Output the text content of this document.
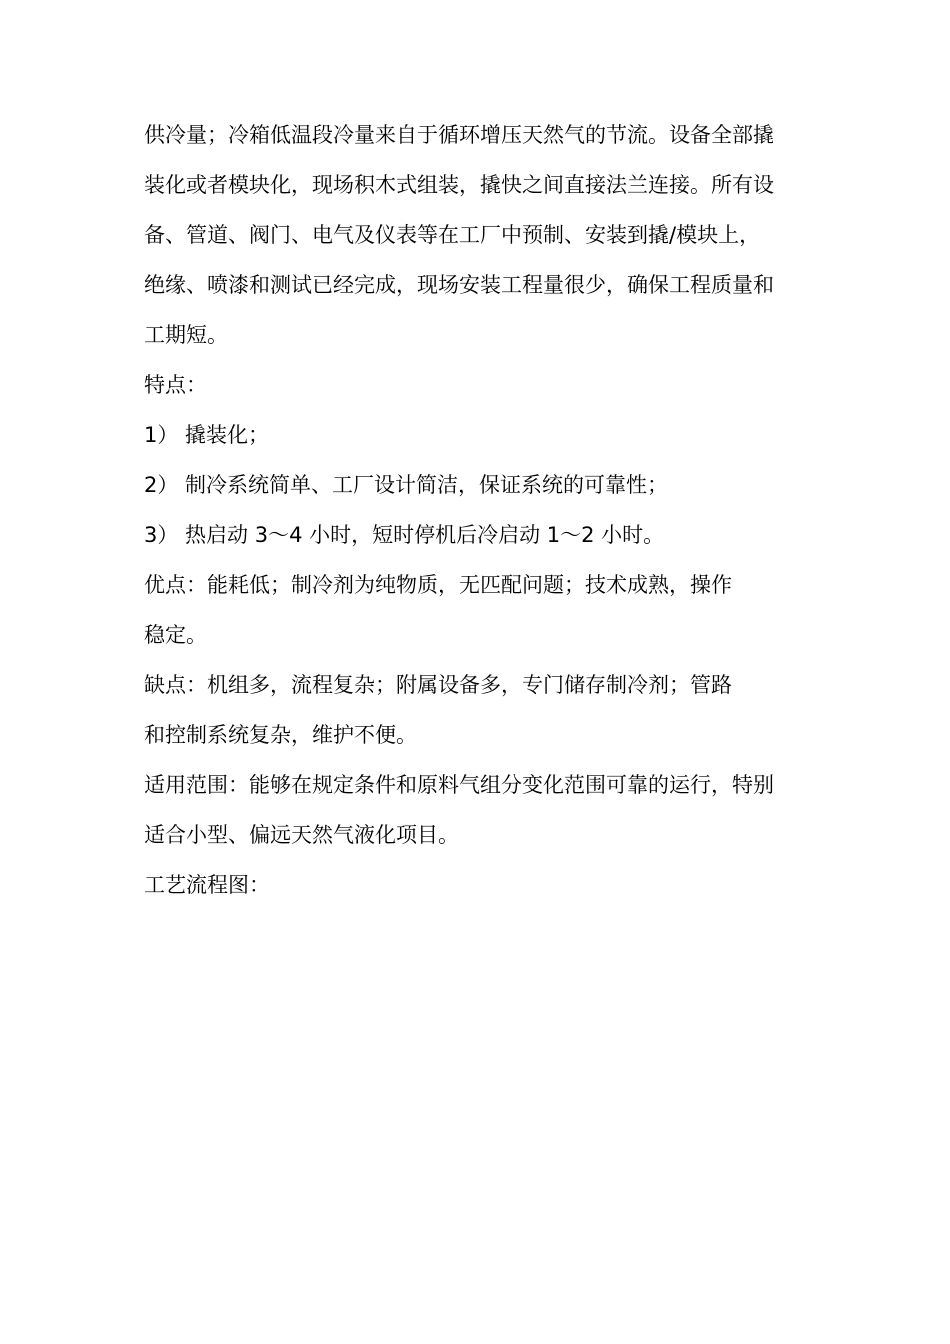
供冷量；冷箱低温段冷量来自于循环增压天然气的节流。设备全部撬
装化或者模块化，现场积木式组装，撬快之间直接法兰连接。所有设
备、管道、阀门、电气及仪表等在工厂中预制、安装到撬/模块上，
绝缘、喷漆和测试已经完成，现场安装工程量很少，确保工程质量和
工期短。

特点：

1） 撬装化；

2） 制冷系统简单、工厂设计简洁，保证系统的可靠性；

3） 热启动 3～4 小时，短时停机后冷启动 1～2 小时。

优点：能耗低；制冷剂为纯物质，无匹配问题；技术成熟，操作
稳定。

缺点：机组多，流程复杂；附属设备多，专门储存制冷剂；管路
和控制系统复杂，维护不便。

适用范围：能够在规定条件和原料气组分变化范围可靠的运行，特别
适合小型、偏远天然气液化项目。

工艺流程图：
